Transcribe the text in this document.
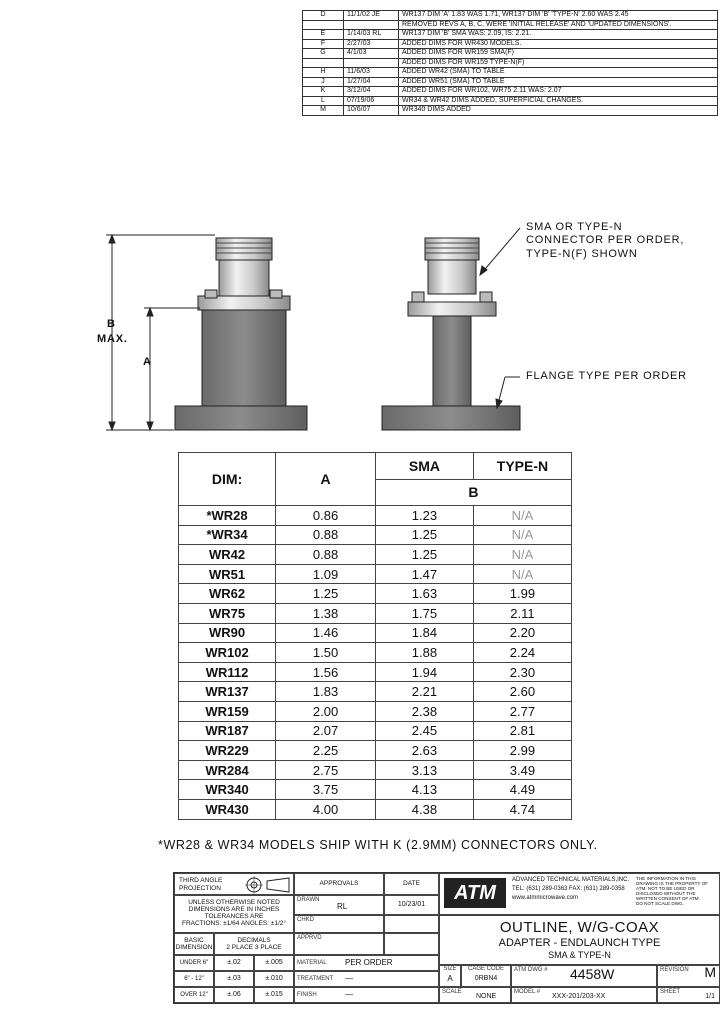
D	11/1/02 JE	WR137 DIM 'A' 1.83 WAS 1.71, WR137 DIM 'B' 'TYPE-N' 2.60 WAS 2.45
		REMOVED REVS A, B, C, WERE 'INITIAL RELEASE' AND 'UPDATED DIMENSIONS'.
E	1/14/03 RL	WR137 DIM 'B' SMA WAS: 2.09, IS: 2.21.
F	2/27/03	ADDED DIMS FOR WR430 MODELS.
G	4/1/03	ADDED DIMS FOR WR159 SMA(F)
		ADDED DIMS FOR WR159 TYPE-N(F)
H	11/6/03	ADDED WR42 (SMA) TO TABLE
J	1/27/04	ADDED WR51 (SMA) TO TABLE
K	3/12/04	ADDED DIMS FOR WR102, WR75 2.11 WAS: 2.07
L	07/19/06	WR34 & WR42 DIMS ADDED, SUPERFICIAL CHANGES.
M	10/6/07	WR340 DIMS ADDED
B
MAX.
A
SMA OR TYPE-N
CONNECTOR PER ORDER,
TYPE-N(F) SHOWN
FLANGE TYPE PER ORDER
DIM:	A	SMA	TYPE-N
		B	
*WR28	0.86	1.23	N/A
*WR34	0.88	1.25	N/A
WR42	0.88	1.25	N/A
WR51	1.09	1.47	N/A
WR62	1.25	1.63	1.99
WR75	1.38	1.75	2.11
WR90	1.46	1.84	2.20
WR102	1.50	1.88	2.24
WR112	1.56	1.94	2.30
WR137	1.83	2.21	2.60
WR159	2.00	2.38	2.77
WR187	2.07	2.45	2.81
WR229	2.25	2.63	2.99
WR284	2.75	3.13	3.49
WR340	3.75	4.13	4.49
WR430	4.00	4.38	4.74
*WR28 & WR34 MODELS SHIP WITH K (2.9MM) CONNECTORS ONLY.
THIRD ANGLE
PROJECTION
UNLESS OTHERWISE NOTED
DIMENSIONS ARE IN INCHES
TOLERANCES ARE
FRACTIONS: ±1/64 ANGLES: ±1/2°
BASIC
DIMENSION
DECIMALS
2 PLACE 3 PLACE
UNDER 6"	±.02	±.005
6" - 12"	±.03	±.010
OVER 12"	±.06	±.015
APPROVALS	DATE
DRAWN
RL	10/23/01
CHKD
APPRVD
MATERIAL PER ORDER
TREATMENT —
FINISH	—
ATM
ADVANCED TECHNICAL MATERIALS,INC.
TEL: (631) 289-0363 FAX: (631) 289-0358
www.atmmicrowave.com
THE INFORMATION IN THIS
DRAWING IS THE PROPERTY OF
ATM. NOT TO BE USED OR
DISCLOSED WITHOUT THE
WRITTEN CONSENT OF ATM.
DO NOT SCALE DWG.
OUTLINE, W/G-COAX
ADAPTER - ENDLAUNCH TYPE
SMA & TYPE-N
SIZE
A
CAGE CODE
0RBN4
ATM DWG # 4458W	REVISION M
SCALE
NONE
MODEL #
XXX-201/203-XX
SHEET
1/1
